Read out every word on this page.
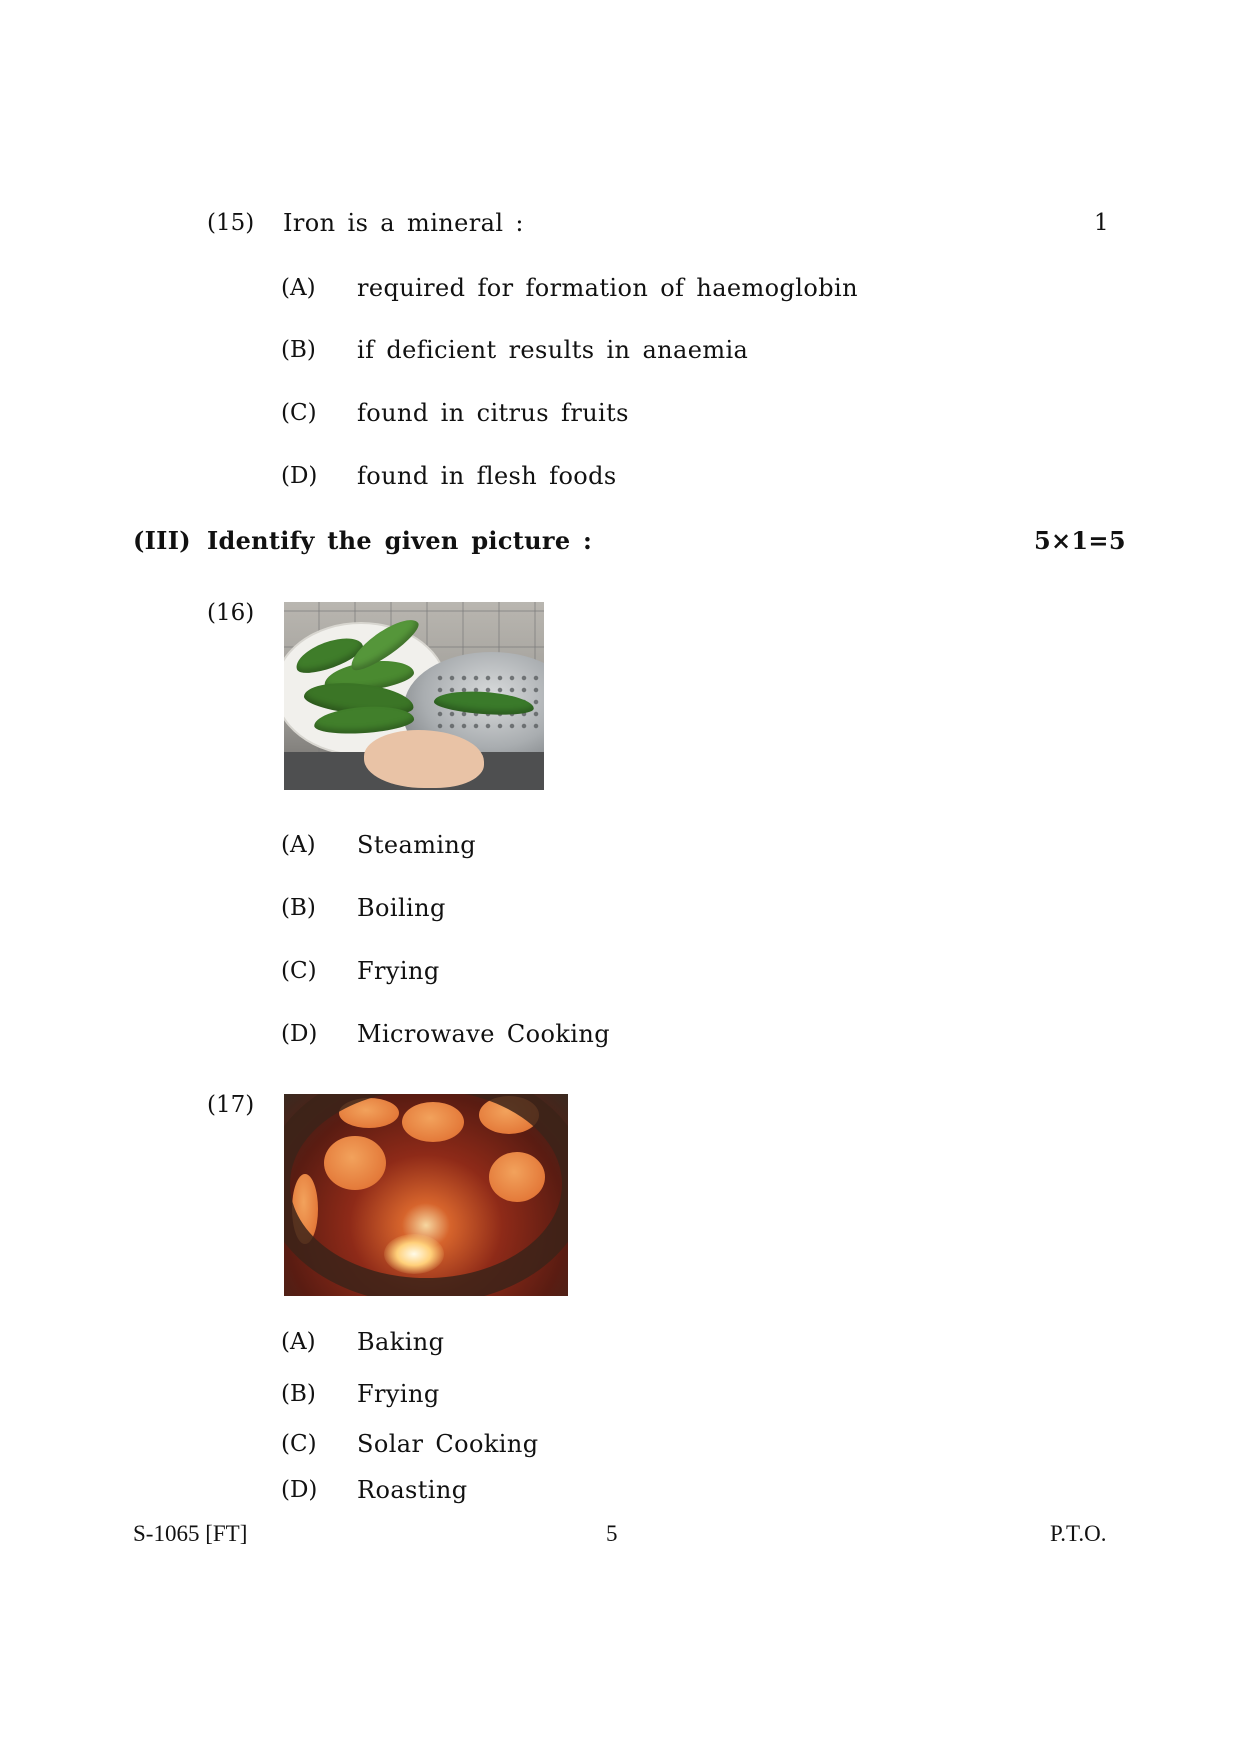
(15) Iron is a mineral :	1
(A) required for formation of haemoglobin
(B) if deficient results in anaemia
(C) found in citrus fruits
(D) found in flesh foods
(III) Identify the given picture :	5×1=5
(16)
(A) Steaming
(B) Boiling
(C) Frying
(D) Microwave Cooking
(17)
(A) Baking
(B) Frying
(C) Solar Cooking
(D) Roasting
S-1065 [FT]	5	P.T.O.
